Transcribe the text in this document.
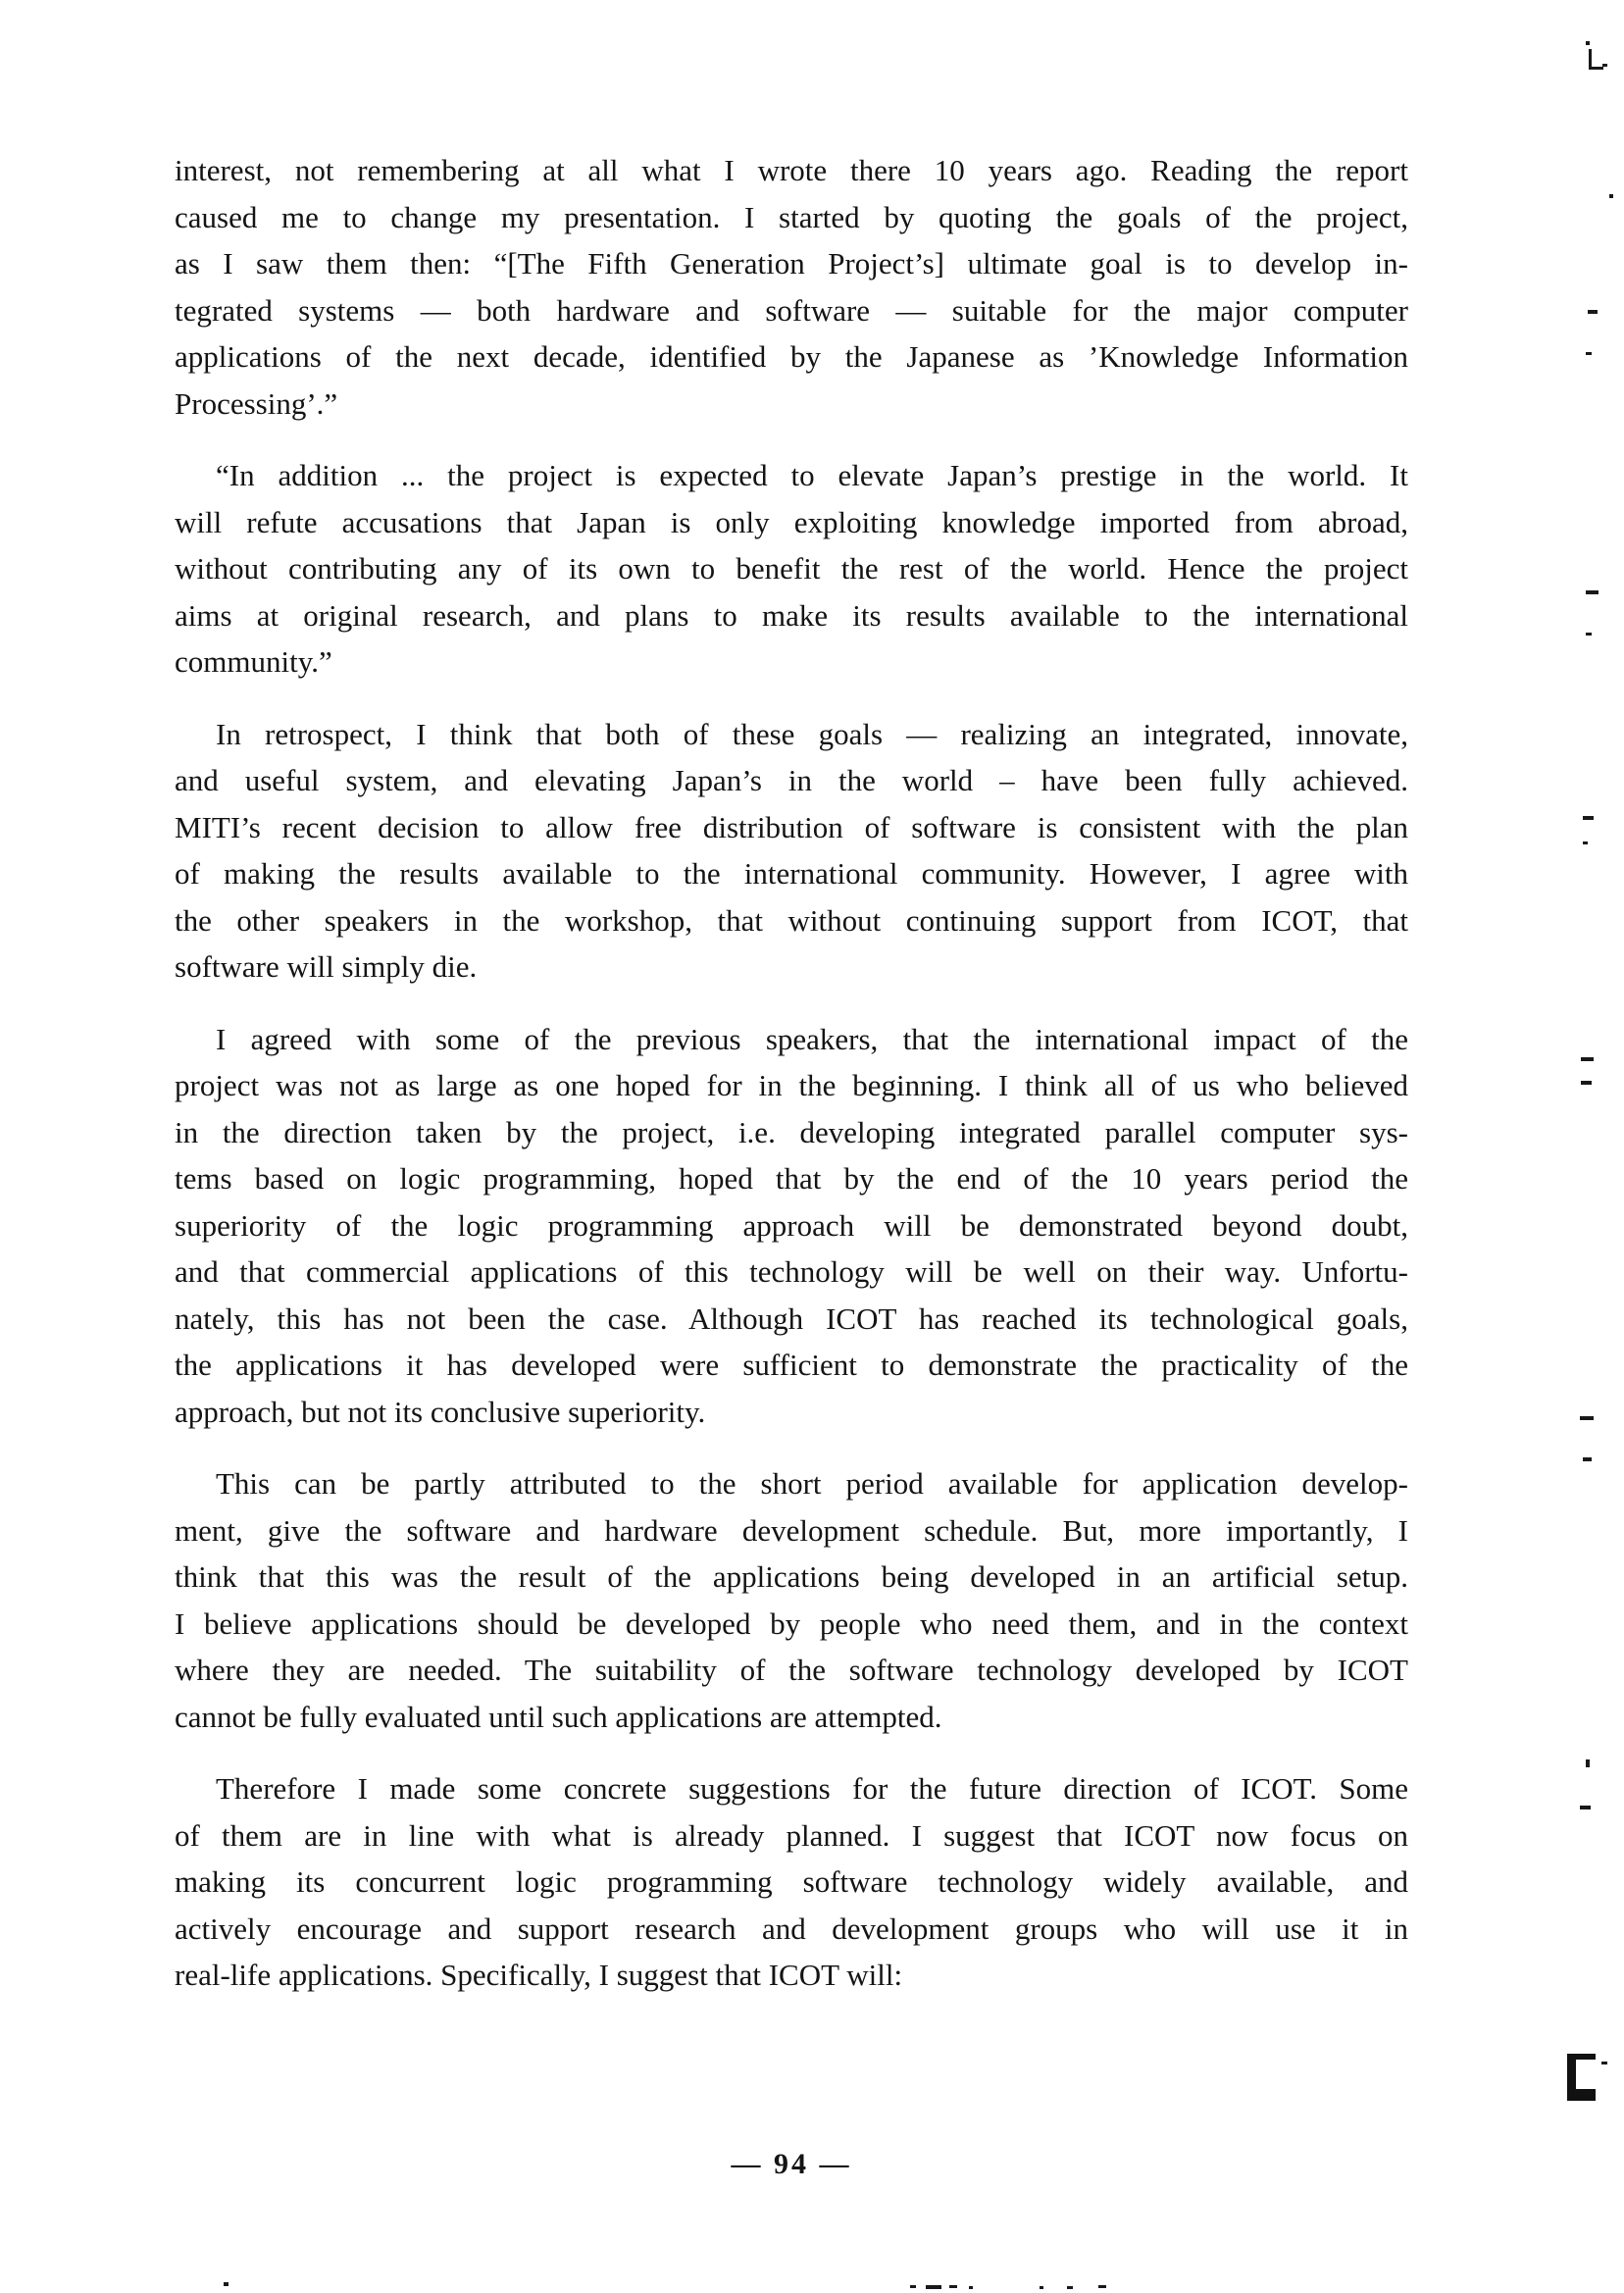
interest, not remembering at all what I wrote there 10 years ago. Reading the report
caused me to change my presentation. I started by quoting the goals of the project,
as I saw them then: “[The Fifth Generation Project’s] ultimate goal is to develop in-
tegrated systems — both hardware and software — suitable for the major computer
applications of the next decade, identified by the Japanese as ’Knowledge Information
Processing’.”
“In addition ... the project is expected to elevate Japan’s prestige in the world. It
will refute accusations that Japan is only exploiting knowledge imported from abroad,
without contributing any of its own to benefit the rest of the world. Hence the project
aims at original research, and plans to make its results available to the international
community.”
In retrospect, I think that both of these goals — realizing an integrated, innovate,
and useful system, and elevating Japan’s in the world – have been fully achieved.
MITI’s recent decision to allow free distribution of software is consistent with the plan
of making the results available to the international community. However, I agree with
the other speakers in the workshop, that without continuing support from ICOT, that
software will simply die.
I agreed with some of the previous speakers, that the international impact of the
project was not as large as one hoped for in the beginning. I think all of us who believed
in the direction taken by the project, i.e. developing integrated parallel computer sys-
tems based on logic programming, hoped that by the end of the 10 years period the
superiority of the logic programming approach will be demonstrated beyond doubt,
and that commercial applications of this technology will be well on their way. Unfortu-
nately, this has not been the case. Although ICOT has reached its technological goals,
the applications it has developed were sufficient to demonstrate the practicality of the
approach, but not its conclusive superiority.
This can be partly attributed to the short period available for application develop-
ment, give the software and hardware development schedule. But, more importantly, I
think that this was the result of the applications being developed in an artificial setup.
I believe applications should be developed by people who need them, and in the context
where they are needed. The suitability of the software technology developed by ICOT
cannot be fully evaluated until such applications are attempted.
Therefore I made some concrete suggestions for the future direction of ICOT. Some
of them are in line with what is already planned. I suggest that ICOT now focus on
making its concurrent logic programming software technology widely available, and
actively encourage and support research and development groups who will use it in
real-life applications. Specifically, I suggest that ICOT will:
— 94 —
